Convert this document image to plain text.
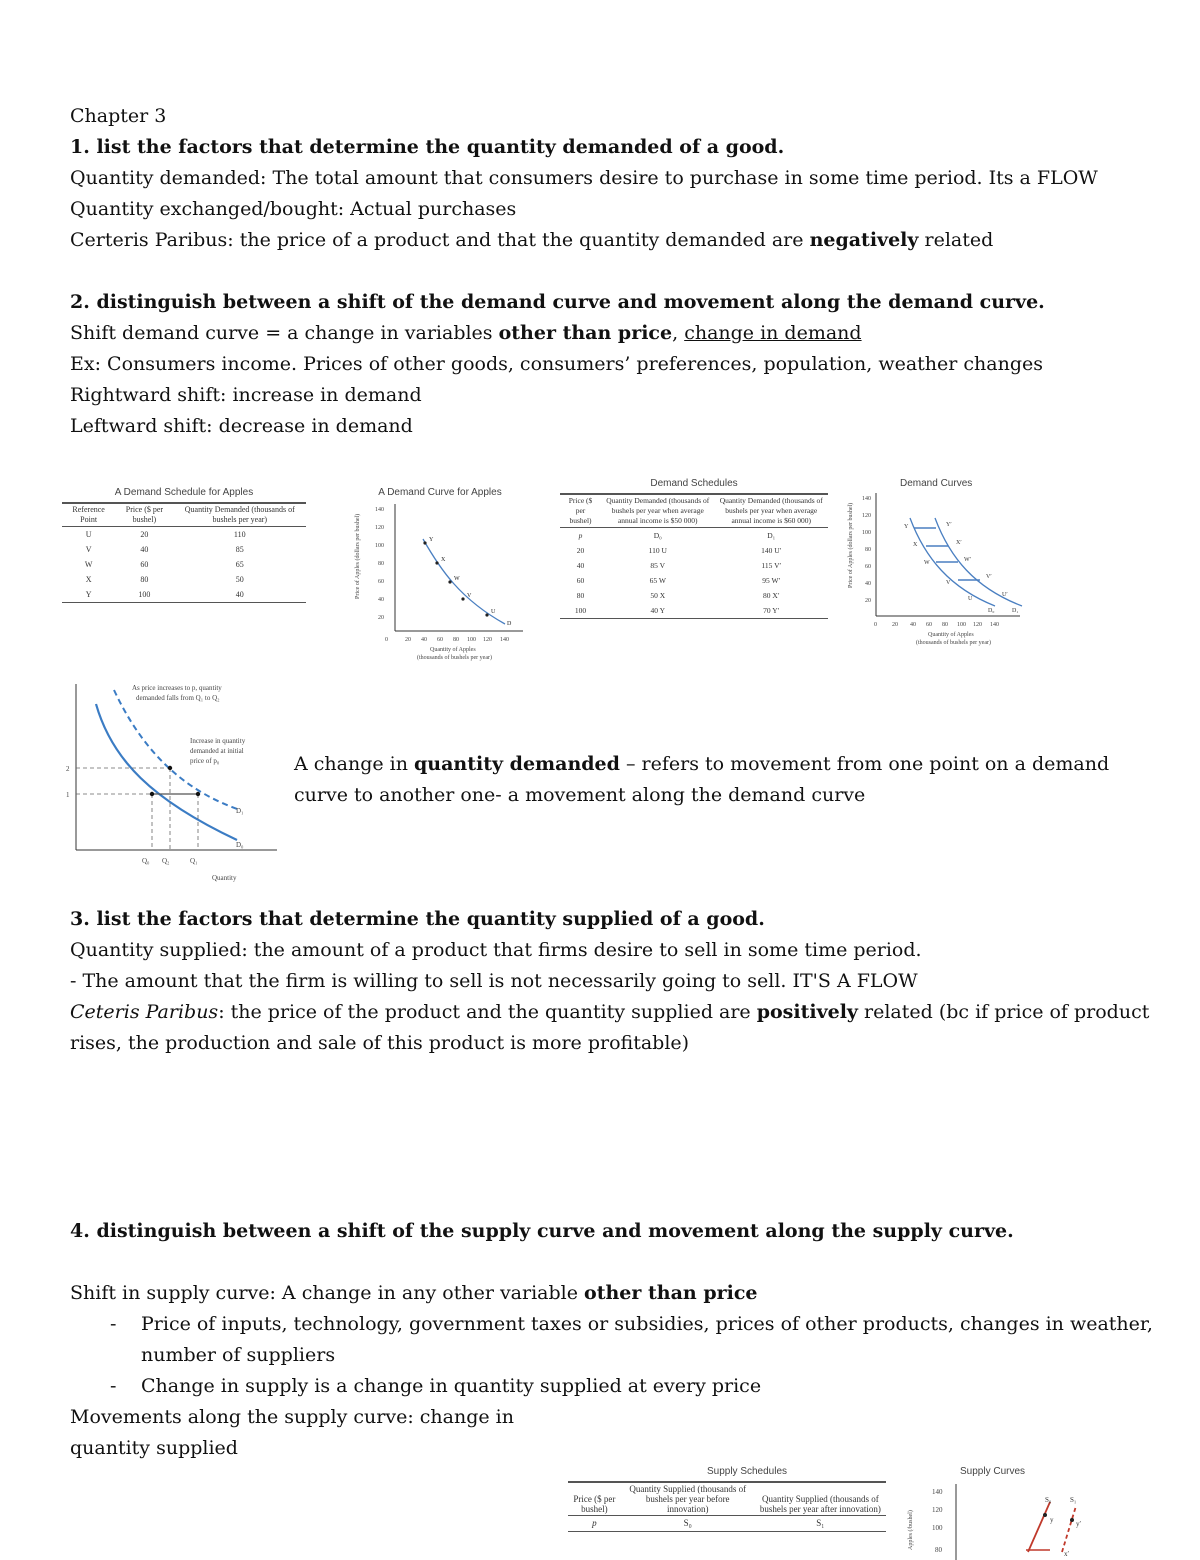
Chapter 3
1. list the factors that determine the quantity demanded of a good.
Quantity demanded: The total amount that consumers desire to purchase in some time period. Its a FLOW
Quantity exchanged/bought: Actual purchases
Certeris Paribus: the price of a product and that the quantity demanded are negatively related
2. distinguish between a shift of the demand curve and movement along the demand curve.
Shift demand curve = a change in variables other than price, change in demand
Ex: Consumers income. Prices of other goods, consumers’ preferences, population, weather changes
Rightward shift: increase in demand
Leftward shift: decrease in demand
A Demand Schedule for Apples
Reference Point	Price ($ per bushel)	Quantity Demanded (thousands of bushels per year)
U	20	110
V	40	85
W	60	65
X	80	50
Y	100	40
A Demand Curve for Apples
140
120
100
80
60
40
20
0	20 40 60 80 100 120 140
Y
X
W
V
U
D
Price of Apples (dollars per bushel)
Quantity of Apples
(thousands of bushels per year)
Demand Schedules
Price ($ per bushel)	Quantity Demanded (thousands of bushels per year when average annual income is $50 000)	Quantity Demanded (thousands of bushels per year when average annual income is $60 000)
p	D₀	D₁
20	110 U	140 U′
40	85 V	115 V′
60	65 W	95 W′
80	50 X	80 X′
100	40 Y	70 Y′
Demand Curves
140
120
100
80
60
40
20
0	20 40 60 80 100 120 140
Y	Y′
X	X′
W	W′
V
V′
U
U′
D₀	D₁
Price of Apples (dollars per bushel)
Quantity of Apples
(thousands of bushels per year)
As price increases to p, quantity
demanded falls from Q₁ to Q₂
Increase in quantity
demanded at initial
price of p₀
2
1
D₁
D₀
Q₀ Q₂	Q₁
Quantity
A change in quantity demanded – refers to movement from one point on a demand
curve to another one- a movement along the demand curve
3. list the factors that determine the quantity supplied of a good.
Quantity supplied: the amount of a product that firms desire to sell in some time period.
- The amount that the firm is willing to sell is not necessarily going to sell. IT'S A FLOW
Ceteris Paribus: the price of the product and the quantity supplied are positively related (bc if price of product
rises, the production and sale of this product is more profitable)
4. distinguish between a shift of the supply curve and movement along the supply curve.
Shift in supply curve: A change in any other variable other than price
- Price of inputs, technology, government taxes or subsidies, prices of other products, changes in weather,
number of suppliers
- Change in supply is a change in quantity supplied at every price
Movements along the supply curve: change in
quantity supplied
Supply Schedules
Price ($ per bushel)	Quantity Supplied (thousands of bushels per year before innovation)	Quantity Supplied (thousands of bushels per year after innovation)
p	S₀	S₁
Supply Curves
140
120
100
80
Apples (/bushel)
S₀	S₁
y	y′
x′
